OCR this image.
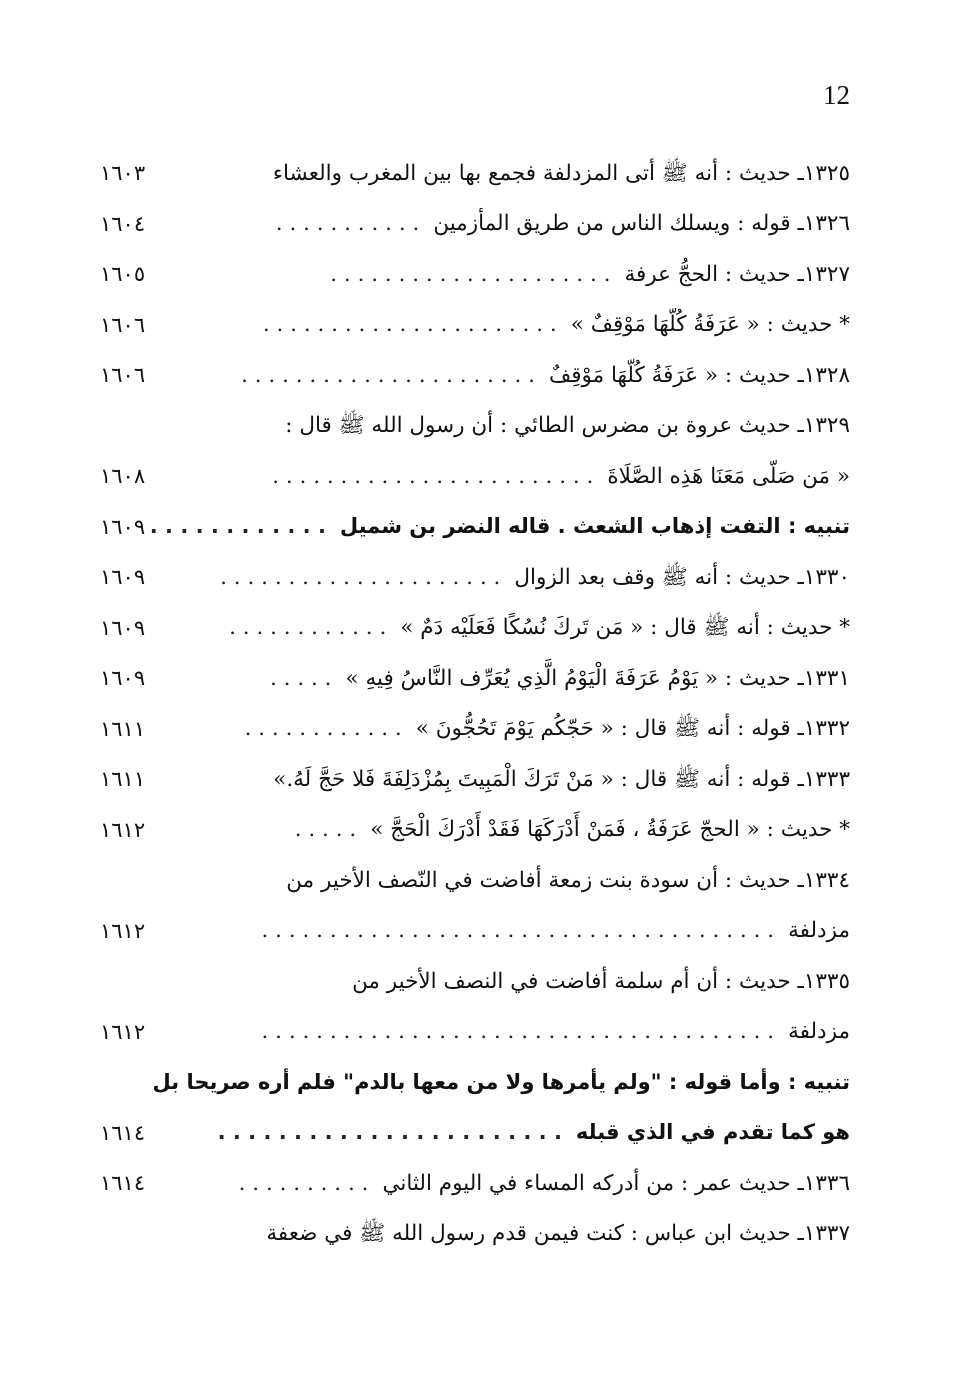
12
١٦٠٣	١٣٢٥ـ حديث : أنه ﷺ أتى المزدلفة فجمع بها بين المغرب والعشاء
١٦٠٤	١٣٢٦ـ قوله : ويسلك الناس من طريق المأزمين. . . . . . . . . . .
١٦٠٥	١٣٢٧ـ حديث : الحجُّ عرفة. . . . . . . . . . . . . . . . . . . . .
١٦٠٦	* حديث : « عَرَفَةُ كُلّهَا مَوْقِفٌ ». . . . . . . . . . . . . . . . . . . . . .
١٦٠٦	١٣٢٨ـ حديث : « عَرَفَةُ كُلّهَا مَوْقِفٌ. . . . . . . . . . . . . . . . . . . . . .
١٣٢٩ـ حديث عروة بن مضرس الطائي : أن رسول الله ﷺ قال :
١٦٠٨	« مَن صَلّى مَعَنَا هَذِه الصَّلَاةَ. . . . . . . . . . . . . . . . . . . . . . . .
١٦٠٩	تنبيه : التفت إذهاب الشعث . قاله النضر بن شميل. . . . . . . . . . . .
١٦٠٩	١٣٣٠ـ حديث : أنه ﷺ وقف بعد الزوال. . . . . . . . . . . . . . . . . . . . .
١٦٠٩	* حديث : أنه ﷺ قال : « مَن تَركَ نُسُكًا فَعَلَيْه دَمٌ ». . . . . . . . . . . .
١٦٠٩	١٣٣١ـ حديث : « يَوْمُ عَرَفَةَ الْيَوْمُ الَّذِي يُعَرِّف النَّاسُ فِيهِ ». . . . .
١٦١١	١٣٣٢ـ قوله : أنه ﷺ قال : « حَجّكُم يَوْمَ تَحُجُّونَ ». . . . . . . . . . . .
١٦١١	١٣٣٣ـ قوله : أنه ﷺ قال : « مَنْ تَرَكَ الْمَبِيتَ بِمُزْدَلِفَةَ فَلا حَجَّ لَهُ.»
١٦١٢	* حديث : « الحجّ عَرَفَةُ ، فَمَنْ أَدْرَكَهَا فَقَدْ أَدْرَكَ الْحَجَّ ». . . . .
١٣٣٤ـ حديث : أن سودة بنت زمعة أفاضت في النّصف الأخير من
١٦١٢	مزدلفة. . . . . . . . . . . . . . . . . . . . . . . . . . . . . . . . . . . . . .
١٣٣٥ـ حديث : أن أم سلمة أفاضت في النصف الأخير من
١٦١٢	مزدلفة. . . . . . . . . . . . . . . . . . . . . . . . . . . . . . . . . . . . . .
تنبيه : وأما قوله : "ولم يأمرها ولا من معها بالدم" فلم أره صريحا بل
١٦١٤	هو كما تقدم في الذي قبله. . . . . . . . . . . . . . . . . . . . . . .
١٦١٤	١٣٣٦ـ حديث عمر : من أدركه المساء في اليوم الثاني. . . . . . . . . .
١٣٣٧ـ حديث ابن عباس : كنت فيمن قدم رسول الله ﷺ في ضعفة
